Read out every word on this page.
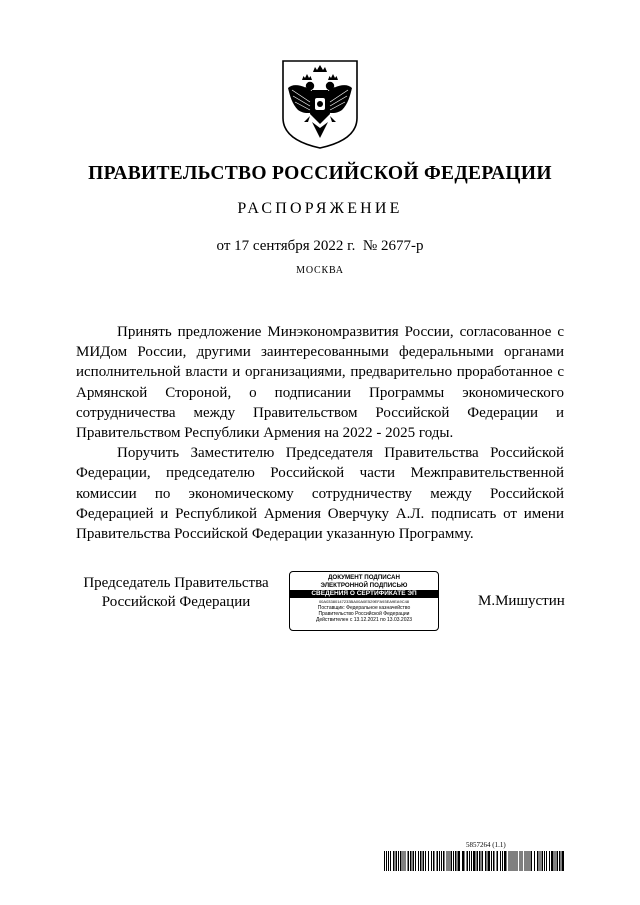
ПРАВИТЕЛЬСТВО РОССИЙСКОЙ ФЕДЕРАЦИИ
РАСПОРЯЖЕНИЕ
от 17 сентября 2022 г. № 2677-р
МОСКВА

Принять предложение Минэкономразвития России, согласованное с МИДом России, другими заинтересованными федеральными органами исполнительной власти и организациями, предварительно проработанное с Армянской Стороной, о подписании Программы экономического сотрудничества между Правительством Российской Федерации и Правительством Республики Армения на 2022 - 2025 годы.

Поручить Заместителю Председателя Правительства Российской Федерации, председателю Российской части Межправительственной комиссии по экономическому сотрудничеству между Российской Федерацией и Республикой Армения Оверчуку А.Л. подписать от имени Правительства Российской Федерации указанную Программу.

Председатель Правительства
Российской Федерации
ДОКУМЕНТ ПОДПИСАН
ЭЛЕКТРОННОЙ ПОДПИСЬЮ
СВЕДЕНИЯ О СЕРТИФИКАТЕ ЭП
00A03380147233BA00A0E529ЕFA93ЕА9ЕА9С48
Поставщик: Федеральное казначейство
Правительство Российской Федерации
Действителен с 13.12.2021 по 13.03.2023
М.Мишустин
5857264 (1.1)
